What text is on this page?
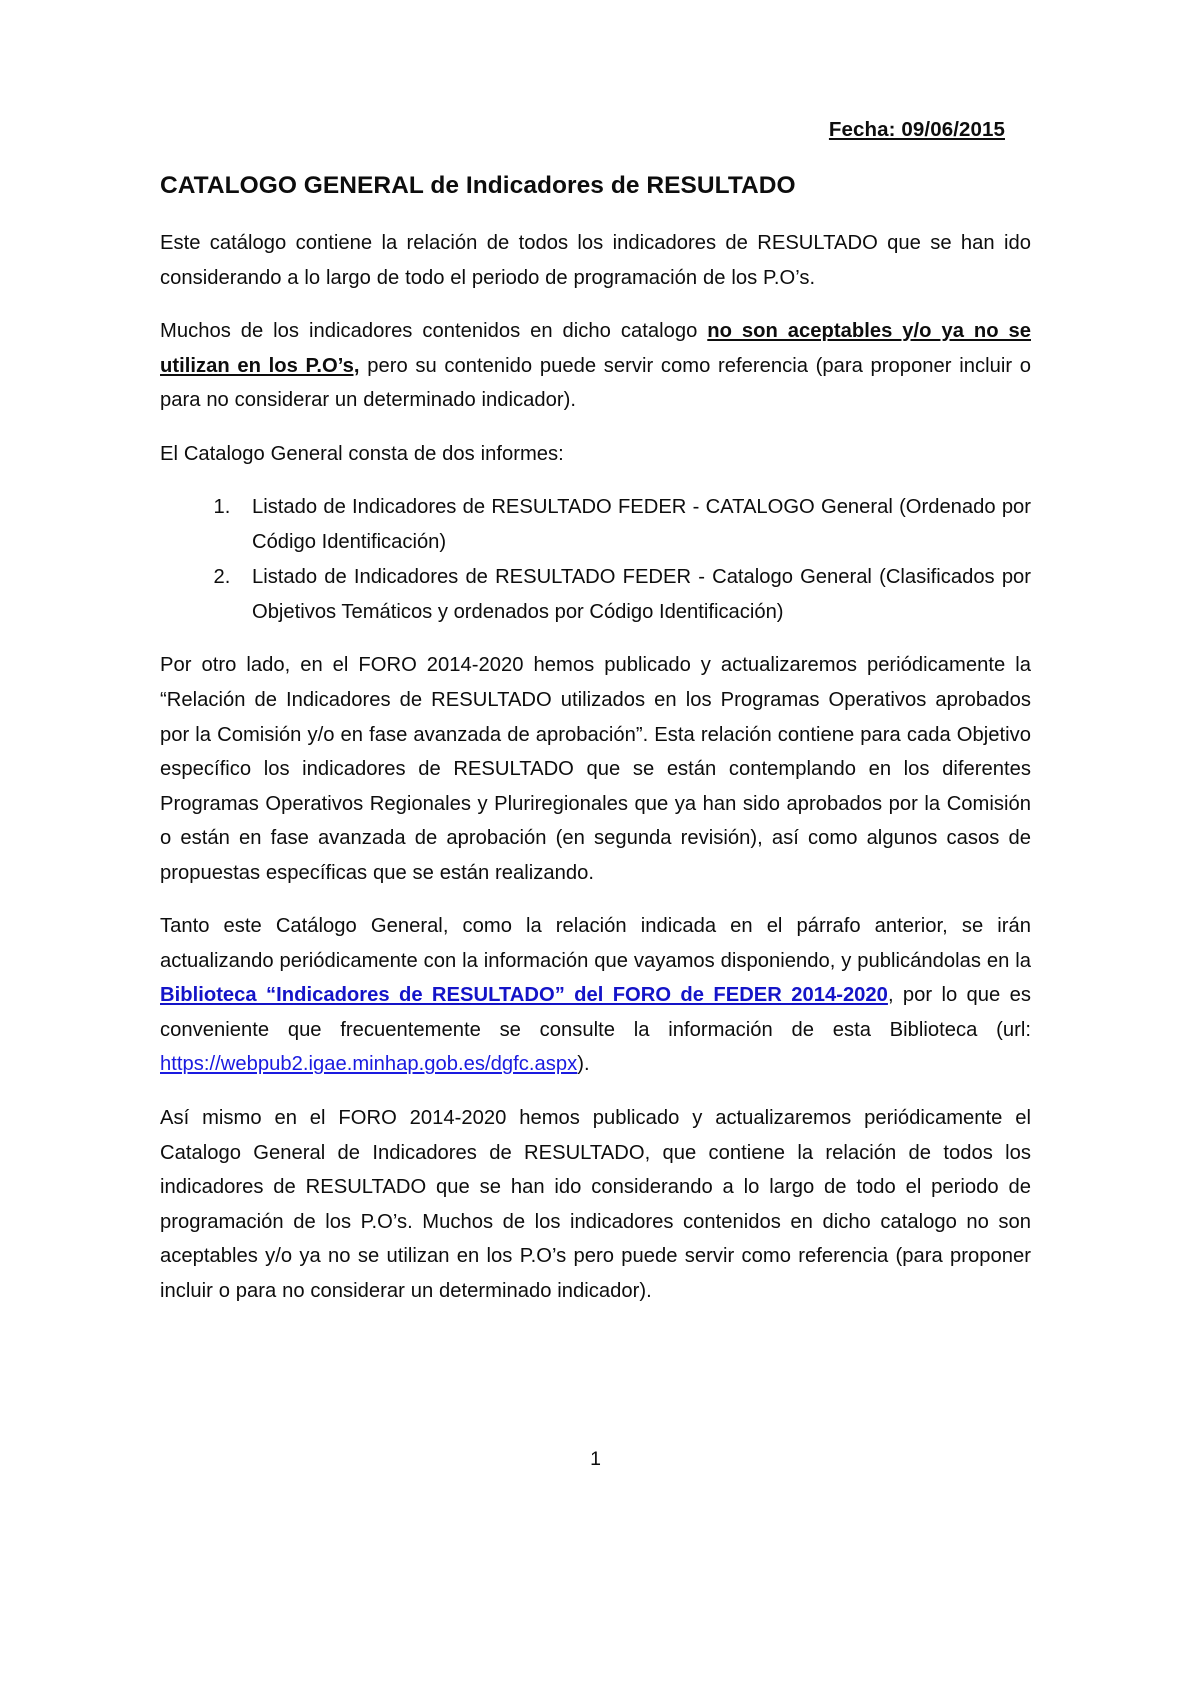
Fecha: 09/06/2015
CATALOGO GENERAL de Indicadores de RESULTADO

Este catálogo contiene la relación de todos los indicadores de RESULTADO que se han ido considerando a lo largo de todo el periodo de programación de los P.O’s.

Muchos de los indicadores contenidos en dicho catalogo no son aceptables y/o ya no se utilizan en los P.O’s, pero su contenido puede servir como referencia (para proponer incluir o para no considerar un determinado indicador).

El Catalogo General consta de dos informes:

1. Listado de Indicadores de RESULTADO FEDER - CATALOGO General (Ordenado por Código Identificación)
2. Listado de Indicadores de RESULTADO FEDER - Catalogo General (Clasificados por Objetivos Temáticos y ordenados por Código Identificación)

Por otro lado, en el FORO 2014-2020 hemos publicado y actualizaremos periódicamente la “Relación de Indicadores de RESULTADO utilizados en los Programas Operativos aprobados por la Comisión y/o en fase avanzada de aprobación”. Esta relación contiene para cada Objetivo específico los indicadores de RESULTADO que se están contemplando en los diferentes Programas Operativos Regionales y Pluriregionales que ya han sido aprobados por la Comisión o están en fase avanzada de aprobación (en segunda revisión), así como algunos casos de propuestas específicas que se están realizando.

Tanto este Catálogo General, como la relación indicada en el párrafo anterior, se irán actualizando periódicamente con la información que vayamos disponiendo, y publicándolas en la Biblioteca “Indicadores de RESULTADO” del FORO de FEDER 2014-2020, por lo que es conveniente que frecuentemente se consulte la información de esta Biblioteca (url: https://webpub2.igae.minhap.gob.es/dgfc.aspx).

Así mismo en el FORO 2014-2020 hemos publicado y actualizaremos periódicamente el Catalogo General de Indicadores de RESULTADO, que contiene la relación de todos los indicadores de RESULTADO que se han ido considerando a lo largo de todo el periodo de programación de los P.O’s. Muchos de los indicadores contenidos en dicho catalogo no son aceptables y/o ya no se utilizan en los P.O’s pero puede servir como referencia (para proponer incluir o para no considerar un determinado indicador).

1
